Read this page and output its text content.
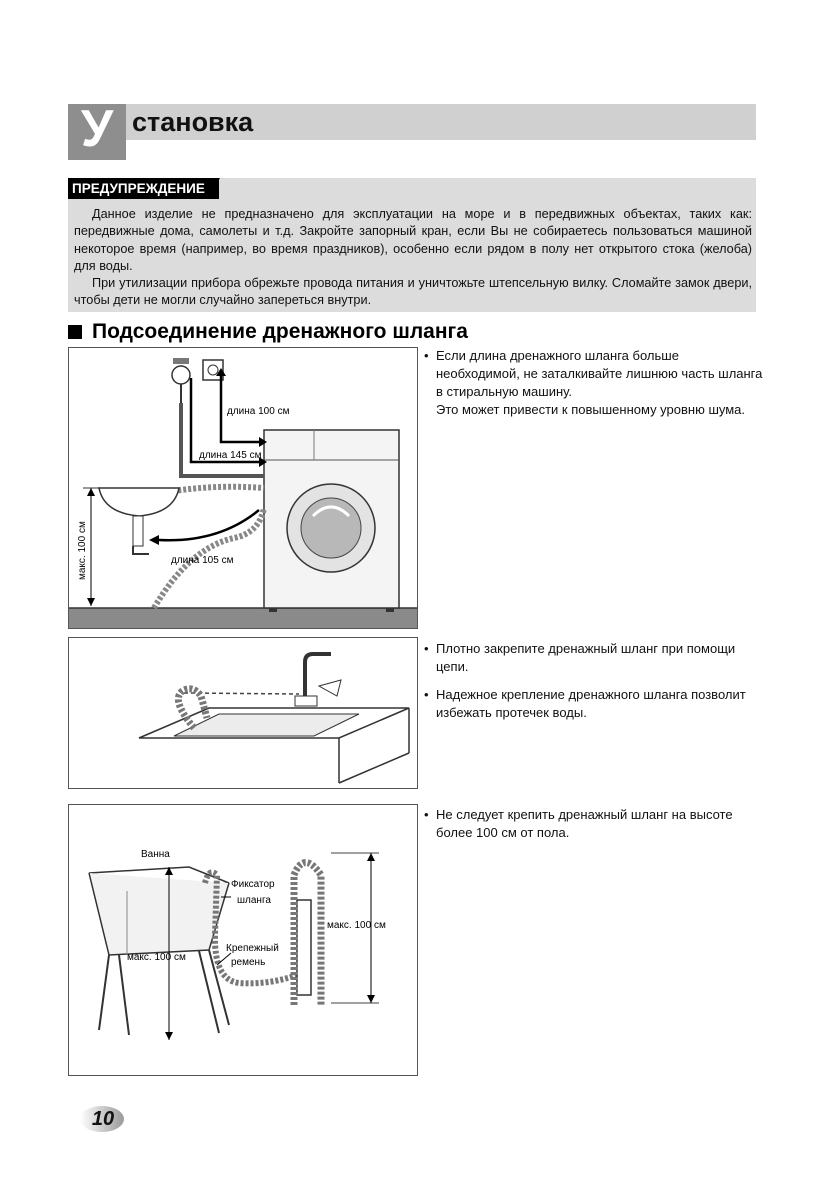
У становка
ПРЕДУПРЕЖДЕНИЕ

Данное изделие не предназначено для эксплуатации на море и в передвижных объектах, таких как: передвижные дома, самолеты и т.д. Закройте запорный кран, если Вы не собираетесь пользоваться машиной некоторое время (например, во время праздников), особенно если рядом в полу нет открытого стока (желоба) для воды.

При утилизации прибора обрежьте провода питания и уничтожьте штепсельную вилку. Сломайте замок двери, чтобы дети не могли случайно запереться внутри.

Подсоединение дренажного шланга
длина 100 см
длина 145 см
длина 105 см
макс. 100 см
Ванна
Фиксатор
шланга
Крепежный
ремень
макс. 100 см
макс. 100 см
• Если длина дренажного шланга больше необходимой, не заталкивайте лишнюю часть шланга в стиральную машину.
Это может привести к повышенному уровню шума.
• Плотно закрепите дренажный шланг при помощи цепи.
• Надежное крепление дренажного шланга позволит избежать протечек воды.
• Не следует крепить дренажный шланг на высоте более 100 см от пола.
10
